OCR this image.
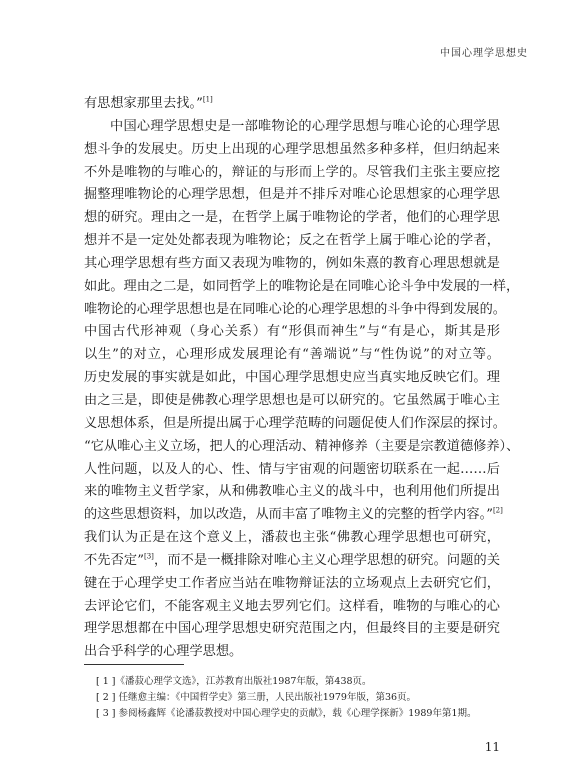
中国心理学思想史
有思想家那里去找。”[1]
中国心理学思想史是一部唯物论的心理学思想与唯心论的心理学思
想斗争的发展史。历史上出现的心理学思想虽然多种多样，但归纳起来
不外是唯物的与唯心的，辩证的与形而上学的。尽管我们主张主要应挖
掘整理唯物论的心理学思想，但是并不排斥对唯心论思想家的心理学思
想的研究。理由之一是，在哲学上属于唯物论的学者，他们的心理学思
想并不是一定处处都表现为唯物论；反之在哲学上属于唯心论的学者，
其心理学思想有些方面又表现为唯物的，例如朱熹的教育心理思想就是
如此。理由之二是，如同哲学上的唯物论是在同唯心论斗争中发展的一样，
唯物论的心理学思想也是在同唯心论的心理学思想的斗争中得到发展的。
中国古代形神观（身心关系）有“形俱而神生”与“有是心，斯其是形
以生”的对立，心理形成发展理论有“善端说”与“性伪说”的对立等。
历史发展的事实就是如此，中国心理学思想史应当真实地反映它们。理
由之三是，即使是佛教心理学思想也是可以研究的。它虽然属于唯心主
义思想体系，但是所提出属于心理学范畴的问题促使人们作深层的探讨。
“它从唯心主义立场，把人的心理活动、精神修养（主要是宗教道德修养）、
人性问题，以及人的心、性、情与宇宙观的问题密切联系在一起……后
来的唯物主义哲学家，从和佛教唯心主义的战斗中，也利用他们所提出
的这些思想资料，加以改造，从而丰富了唯物主义的完整的哲学内容。”[2]
我们认为正是在这个意义上，潘菽也主张“佛教心理学思想也可研究，
不先否定”[3]，而不是一概排除对唯心主义心理学思想的研究。问题的关
键在于心理学史工作者应当站在唯物辩证法的立场观点上去研究它们，
去评论它们，不能客观主义地去罗列它们。这样看，唯物的与唯心的心
理学思想都在中国心理学思想史研究范围之内，但最终目的主要是研究
出合乎科学的心理学思想。
[ 1 ]《潘菽心理学文选》，江苏教育出版社1987年版，第438页。
[ 2 ] 任继愈主编：《中国哲学史》第三册，人民出版社1979年版，第36页。
[ 3 ] 参阅杨鑫辉《论潘菽教授对中国心理学史的贡献》，载《心理学探新》1989年第1期。
11
